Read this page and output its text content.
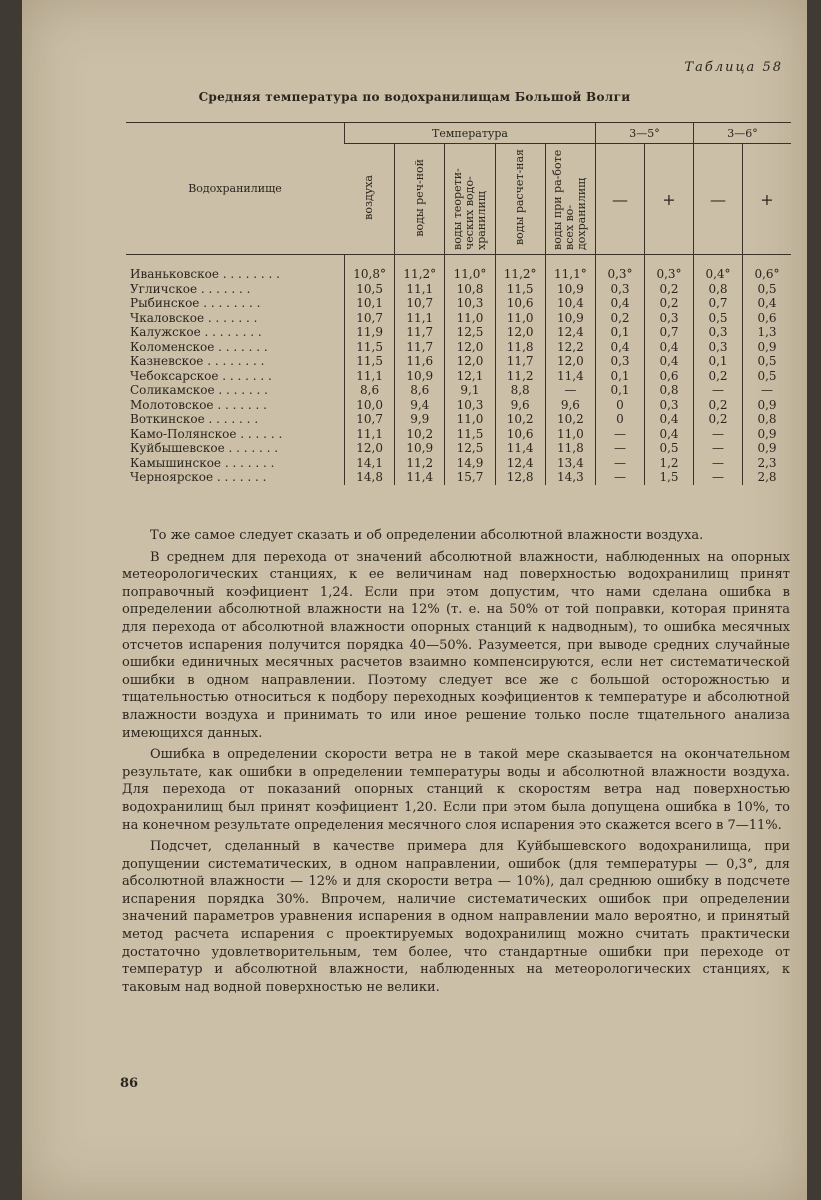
Таблица 58
Средняя температура по водохранилищам Большой Волги
Водохранилище	Температура					3—5°		3—6°	
	воздуха	воды реч-ной	воды теорети-ческих водо-хранилищ	воды расчет-ная	воды при ра-боте всех во-дохранилищ	—	+	—	+
Иваньковское . . . . . . . .	10,8°	11,2°	11,0°	11,2°	11,1°	0,3°	0,3°	0,4°	0,6°
Угличское . . . . . . .	10,5	11,1	10,8	11,5	10,9	0,3	0,2	0,8	0,5
Рыбинское . . . . . . . .	10,1	10,7	10,3	10,6	10,4	0,4	0,2	0,7	0,4
Чкаловское . . . . . . .	10,7	11,1	11,0	11,0	10,9	0,2	0,3	0,5	0,6
Калужское . . . . . . . .	11,9	11,7	12,5	12,0	12,4	0,1	0,7	0,3	1,3
Коломенское . . . . . . .	11,5	11,7	12,0	11,8	12,2	0,4	0,4	0,3	0,9
Казневское . . . . . . . .	11,5	11,6	12,0	11,7	12,0	0,3	0,4	0,1	0,5
Чебоксарское . . . . . . .	11,1	10,9	12,1	11,2	11,4	0,1	0,6	0,2	0,5
Соликамское . . . . . . .	8,6	8,6	9,1	8,8	—	0,1	0,8	—	—
Молотовское . . . . . . .	10,0	9,4	10,3	9,6	9,6	0	0,3	0,2	0,9
Воткинское . . . . . . .	10,7	9,9	11,0	10,2	10,2	0	0,4	0,2	0,8
Камо-Полянское . . . . . .	11,1	10,2	11,5	10,6	11,0	—	0,4	—	0,9
Куйбышевское . . . . . . .	12,0	10,9	12,5	11,4	11,8	—	0,5	—	0,9
Камышинское . . . . . . .	14,1	11,2	14,9	12,4	13,4	—	1,2	—	2,3
Черноярское . . . . . . .	14,8	11,4	15,7	12,8	14,3	—	1,5	—	2,8

То же самое следует сказать и об определении абсолютной влажности воздуха.

В среднем для перехода от значений абсолютной влажности, наблюденных на опорных метеорологических станциях, к ее величинам над поверхностью водохранилищ принят поправочный коэфициент 1,24. Если при этом допустим, что нами сделана ошибка в определении абсолютной влажности на 12% (т. е. на 50% от той поправки, которая принята для перехода от абсолютной влажности опорных станций к надводным), то ошибка месячных отсчетов испарения получится порядка 40—50%. Разумеется, при выводе средних случайные ошибки единичных месячных расчетов взаимно компенсируются, если нет систематической ошибки в одном направлении. Поэтому следует все же с большой осторожностью и тщательностью относиться к подбору переходных коэфициентов к температуре и абсолютной влажности воздуха и принимать то или иное решение только после тщательного анализа имеющихся данных.

Ошибка в определении скорости ветра не в такой мере сказывается на окончательном результате, как ошибки в определении температуры воды и абсолютной влажности воздуха. Для перехода от показаний опорных станций к скоростям ветра над поверхностью водохранилищ был принят коэфициент 1,20. Если при этом была допущена ошибка в 10%, то на конечном результате определения месячного слоя испарения это скажется всего в 7—11%.

Подсчет, сделанный в качестве примера для Куйбышевского водохранилища, при допущении систематических, в одном направлении, ошибок (для температуры — 0,3°, для абсолютной влажности — 12% и для скорости ветра — 10%), дал среднюю ошибку в подсчете испарения порядка 30%. Впрочем, наличие систематических ошибок при определении значений параметров уравнения испарения в одном направлении мало вероятно, и принятый метод расчета испарения с проектируемых водохранилищ можно считать практически достаточно удовлетворительным, тем более, что стандартные ошибки при переходе от температур и абсолютной влажности, наблюденных на метеорологических станциях, к таковым над водной поверхностью не велики.

86
